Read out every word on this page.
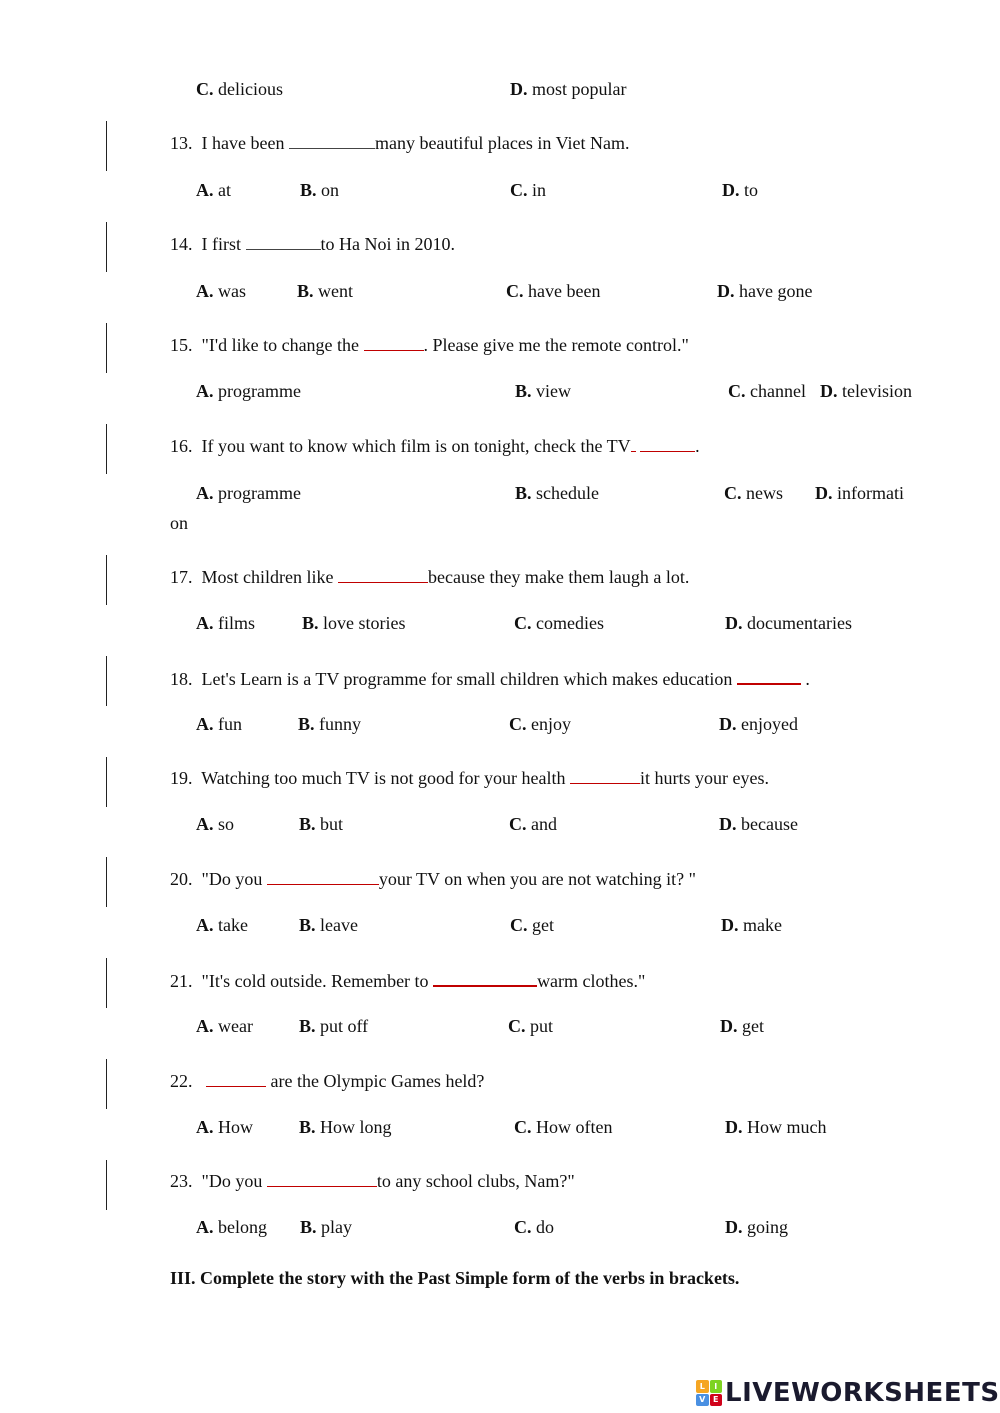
C. delicious	D. most popular
13. I have been	many beautiful places in Viet Nam.
A. at	B. on	C. in	D. to
14. I first	to Ha Noi in 2010.
A. was	B. went	C. have been	D. have gone
15. "I'd like to change the	. Please give me the remote control."
A. programme	B. view	C. channel D. television
16. If you want to know which film is on tonight, check the TV	.
A. programme	B. schedule	C. news D. informati
on
17. Most children like	because they make them laugh a lot.
A. films	B. love stories	C. comedies	D. documentaries
18. Let's Learn is a TV programme for small children which makes education	.
A. fun	B. funny	C. enjoy	D. enjoyed
19. Watching too much TV is not good for your health	it hurts your eyes.
A. so	B. but	C. and	D. because
20. "Do you	your TV on when you are not watching it? "
A. take	B. leave	C. get	D. make
21. "It's cold outside. Remember to	warm clothes."
A. wear	B. put off	C. put	D. get
22.	are the Olympic Games held?
A. How	B. How long	C. How often	D. How much
23. "Do you	to any school clubs, Nam?"
A. belong B. play	C. do	D. going
III. Complete the story with the Past Simple form of the verbs in brackets.
L	I
V E LIVEWORKSHEETS
